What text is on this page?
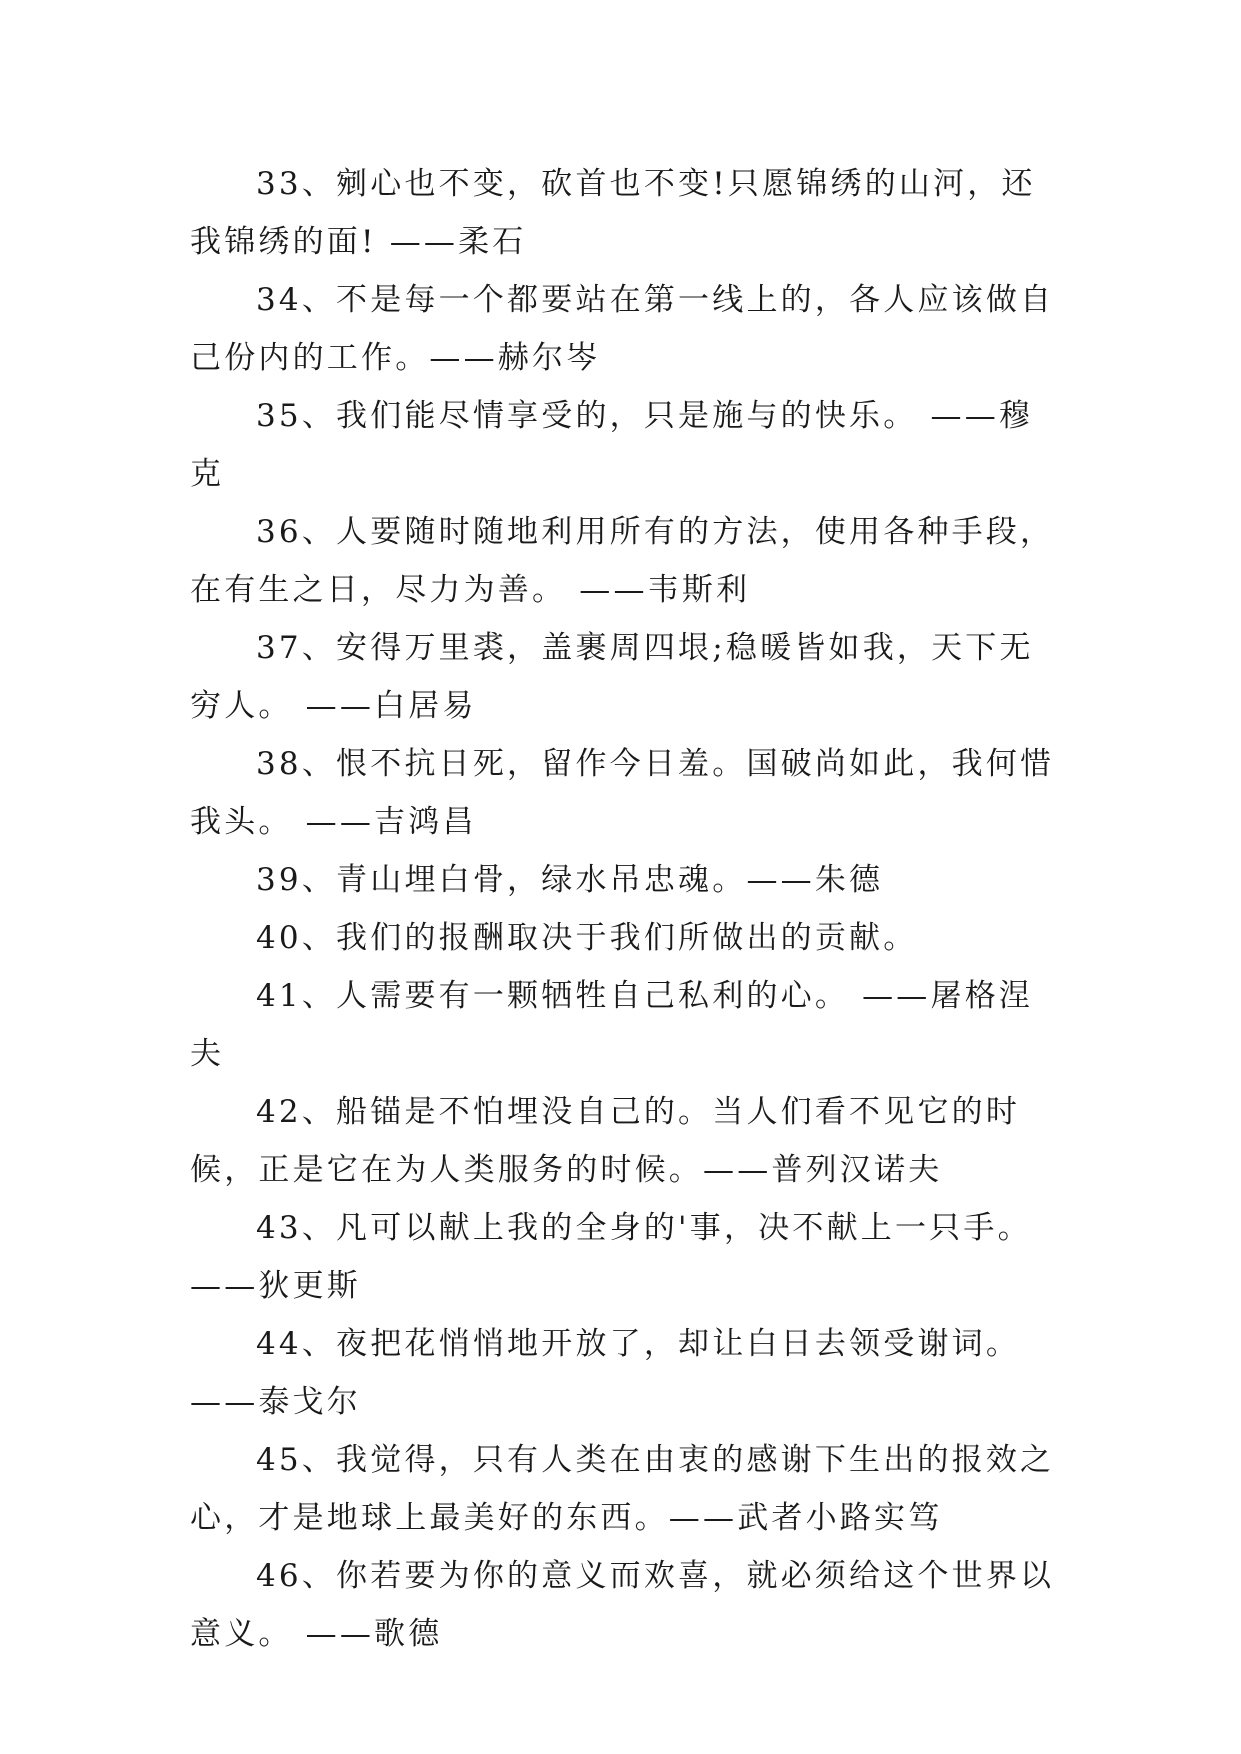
33、剜心也不变，砍首也不变!只愿锦绣的山河，还我锦绣的面! ——柔石

34、不是每一个都要站在第一线上的，各人应该做自己份内的工作。——赫尔岑

35、我们能尽情享受的，只是施与的快乐。 ——穆克

36、人要随时随地利用所有的方法，使用各种手段，在有生之日，尽力为善。 ——韦斯利

37、安得万里裘，盖裹周四垠;稳暖皆如我，天下无穷人。 ——白居易

38、恨不抗日死，留作今日羞。国破尚如此，我何惜我头。 ——吉鸿昌

39、青山埋白骨，绿水吊忠魂。——朱德

40、我们的报酬取决于我们所做出的贡献。

41、人需要有一颗牺牲自己私利的心。 ——屠格涅夫

42、船锚是不怕埋没自己的。当人们看不见它的时候，正是它在为人类服务的时候。——普列汉诺夫

43、凡可以献上我的全身的'事，决不献上一只手。 ——狄更斯

44、夜把花悄悄地开放了，却让白日去领受谢词。 ——泰戈尔

45、我觉得，只有人类在由衷的感谢下生出的报效之心，才是地球上最美好的东西。——武者小路实笃

46、你若要为你的意义而欢喜，就必须给这个世界以意义。 ——歌德
